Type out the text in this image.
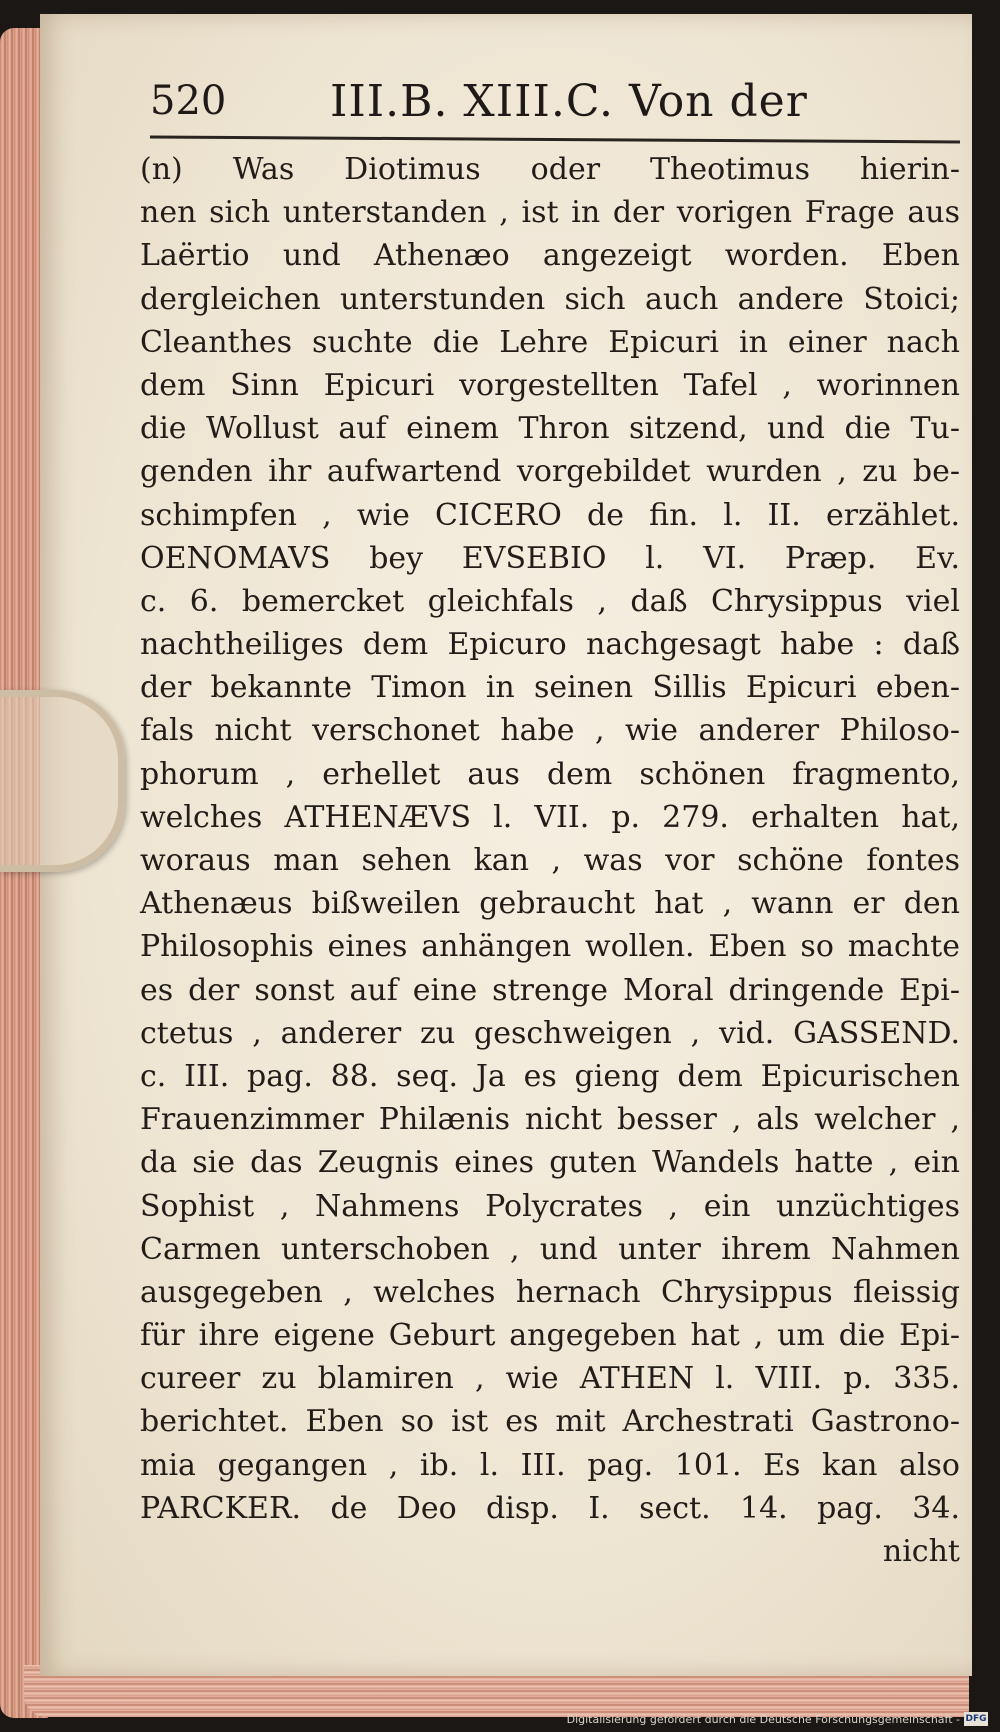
520 III.B. XIII.C. Von der
(n) Was Diotimus oder Theotimus hierin-
nen sich unterstanden , ist in der vorigen Frage aus
Laërtio und Athenæo angezeigt worden. Eben
dergleichen unterstunden sich auch andere Stoici;
Cleanthes suchte die Lehre Epicuri in einer nach
dem Sinn Epicuri vorgestellten Tafel , worinnen
die Wollust auf einem Thron sitzend, und die Tu-
genden ihr aufwartend vorgebildet wurden , zu be-
schimpfen , wie CICERO de fin. l. II. erzählet.
OENOMAVS bey EVSEBIO l. VI. Præp. Ev.
c. 6. bemercket gleichfals , daß Chrysippus viel
nachtheiliges dem Epicuro nachgesagt habe : daß
der bekannte Timon in seinen Sillis Epicuri eben-
fals nicht verschonet habe , wie anderer Philoso-
phorum , erhellet aus dem schönen fragmento,
welches ATHENÆVS l. VII. p. 279. erhalten hat,
woraus man sehen kan , was vor schöne fontes
Athenæus bißweilen gebraucht hat , wann er den
Philosophis eines anhängen wollen. Eben so machte
es der sonst auf eine strenge Moral dringende Epi-
ctetus , anderer zu geschweigen , vid. GASSEND.
c. III. pag. 88. seq. Ja es gieng dem Epicurischen
Frauenzimmer Philænis nicht besser , als welcher ,
da sie das Zeugnis eines guten Wandels hatte , ein
Sophist , Nahmens Polycrates , ein unzüchtiges
Carmen unterschoben , und unter ihrem Nahmen
ausgegeben , welches hernach Chrysippus fleissig
für ihre eigene Geburt angegeben hat , um die Epi-
cureer zu blamiren , wie ATHEN l. VIII. p. 335.
berichtet. Eben so ist es mit Archestrati Gastrono-
mia gegangen , ib. l. III. pag. 101. Es kan also
PARCKER. de Deo disp. I. sect. 14. pag. 34.
nicht
Digitalisierung gefördert durch die Deutsche Forschungsgemeinschaft - DFG
